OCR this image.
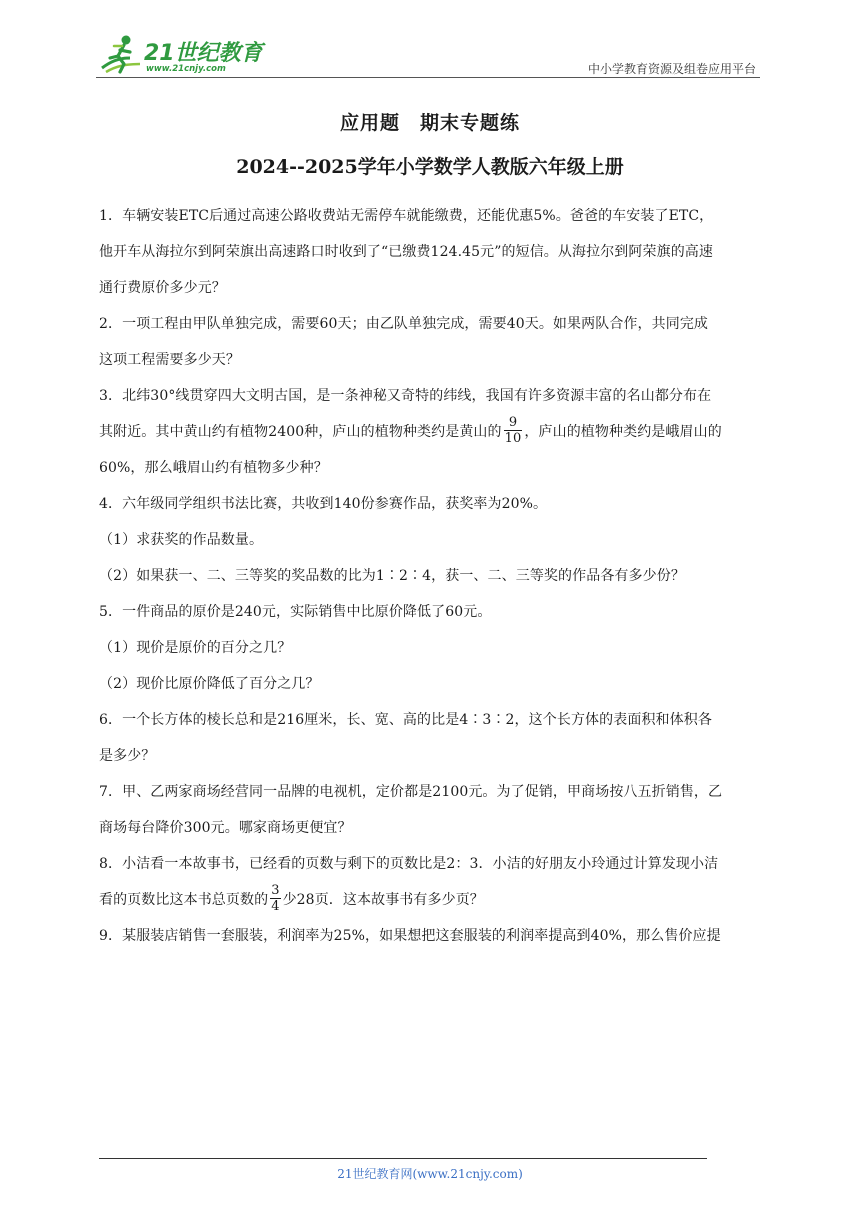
21世纪教育
www.21cnjy.com	中小学教育资源及组卷应用平台
应用题　期末专题练
2024--2025学年小学数学人教版六年级上册
1．车辆安装ETC后通过高速公路收费站无需停车就能缴费，还能优惠5%。爸爸的车安装了ETC，
他开车从海拉尔到阿荣旗出高速路口时收到了“已缴费124.45元”的短信。从海拉尔到阿荣旗的高速
通行费原价多少元？
2．一项工程由甲队单独完成，需要60天；由乙队单独完成，需要40天。如果两队合作，共同完成
这项工程需要多少天？
3．北纬30°线贯穿四大文明古国，是一条神秘又奇特的纬线，我国有许多资源丰富的名山都分布在
其附近。其中黄山约有植物2400种，庐山的植物种类约是黄山的 $\frac{9}{10}$ ，庐山的植物种类约是峨眉山的
60%，那么峨眉山约有植物多少种？
4．六年级同学组织书法比赛，共收到140份参赛作品，获奖率为20%。
（1）求获奖的作品数量。
（2）如果获一、二、三等奖的奖品数的比为1∶2∶4，获一、二、三等奖的作品各有多少份？
5．一件商品的原价是240元，实际销售中比原价降低了60元。
（1）现价是原价的百分之几？
（2）现价比原价降低了百分之几？
6．一个长方体的棱长总和是216厘米，长、宽、高的比是4∶3∶2，这个长方体的表面积和体积各
是多少？
7．甲、乙两家商场经营同一品牌的电视机，定价都是2100元。为了促销，甲商场按八五折销售，乙
商场每台降价300元。哪家商场更便宜？
8．小洁看一本故事书，已经看的页数与剩下的页数比是2：3．小洁的好朋友小玲通过计算发现小洁
看的页数比这本书总页数的 $\frac{3}{4}$ 少28页．这本故事书有多少页？
9．某服装店销售一套服装，利润率为25%，如果想把这套服装的利润率提高到40%，那么售价应提
21世纪教育网(www.21cnjy.com)
